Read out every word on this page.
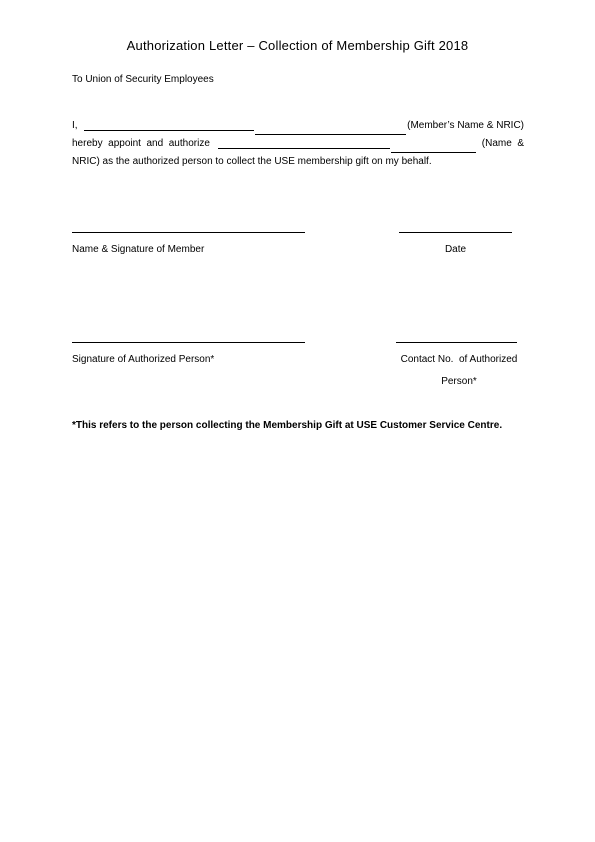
Authorization Letter – Collection of Membership Gift 2018
To Union of Security Employees
I,	(Member’s Name & NRIC)
hereby  appoint  and  authorize	(Name  &
NRIC) as the authorized person to collect the USE membership gift on my behalf.
Name & Signature of Member	Date
Signature of Authorized Person*	Contact No.  of Authorized
Person*
*This refers to the person collecting the Membership Gift at USE Customer Service Centre.
